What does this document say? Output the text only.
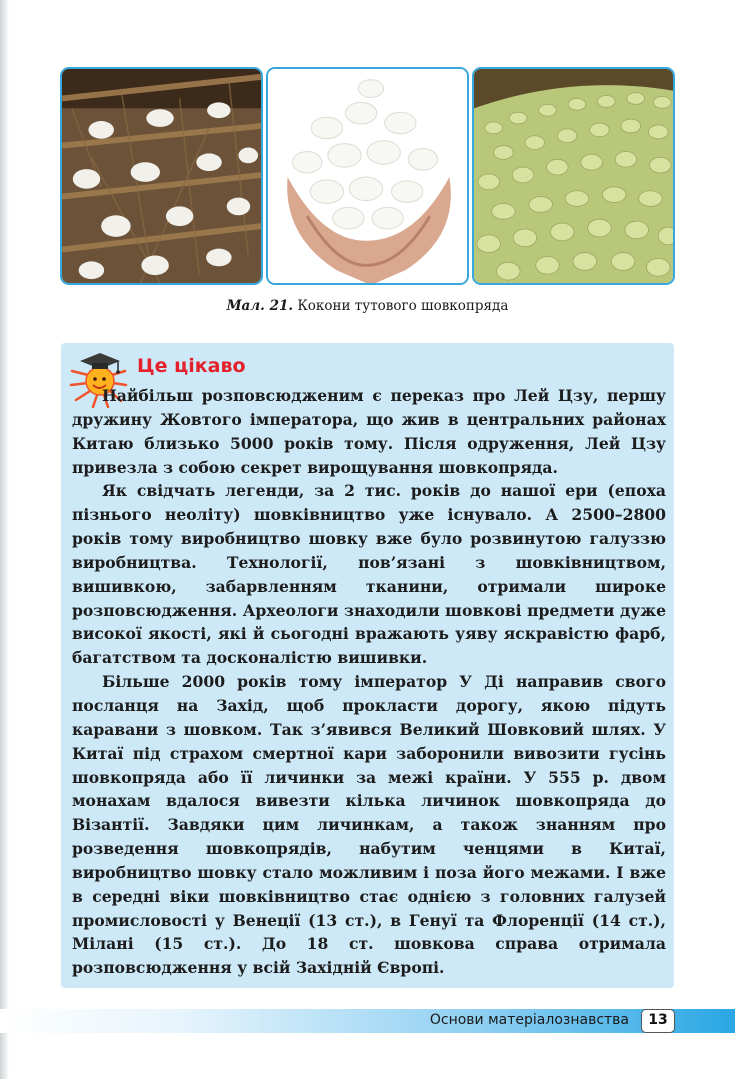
Мал. 21. Кокони тутового шовкопряда
Це цікаво

Найбільш розповсюдженим є переказ про Лей Цзу, першу дружину Жовтого імператора, що жив в центральних районах Китаю близько 5000 років тому. Після одруження, Лей Цзу привезла з собою секрет вирощування шовкопряда.

Як свідчать легенди, за 2 тис. років до нашої ери (епоха пізнього неоліту) шовківництво уже існувало. А 2500–2800 років тому виробництво шовку вже було розвинутою галуззю виробництва. Технології, пов’язані з шовківництвом, вишивкою, забарвленням тканини, отримали широке розповсюдження. Археологи знаходили шовкові предмети дуже високої якості, які й сьогодні вражають уяву яскравістю фарб, багатством та досконалістю вишивки.

Більше 2000 років тому імператор У Ді направив свого посланця на Захід, щоб прокласти дорогу, якою підуть каравани з шовком. Так з’явився Великий Шовковий шлях. У Китаї під страхом смертної кари заборонили вивозити гусінь шовкопряда або її личинки за межі країни. У 555 р. двом монахам вдалося вивезти кілька личинок шовкопряда до Візантії. Завдяки цим личинкам, а також знанням про розведення шовкопрядів, набутим ченцями в Китаї, виробництво шовку стало можливим і поза його межами. І вже в середні віки шовківництво стає однією з головних галузей промисловості у Венеції (13 ст.), в Генуї та Флоренції (14 ст.), Мілані (15 ст.). До 18 ст. шовкова справа отримала розповсюдження у всій Західній Європі.

Основи матеріалознавства	13
